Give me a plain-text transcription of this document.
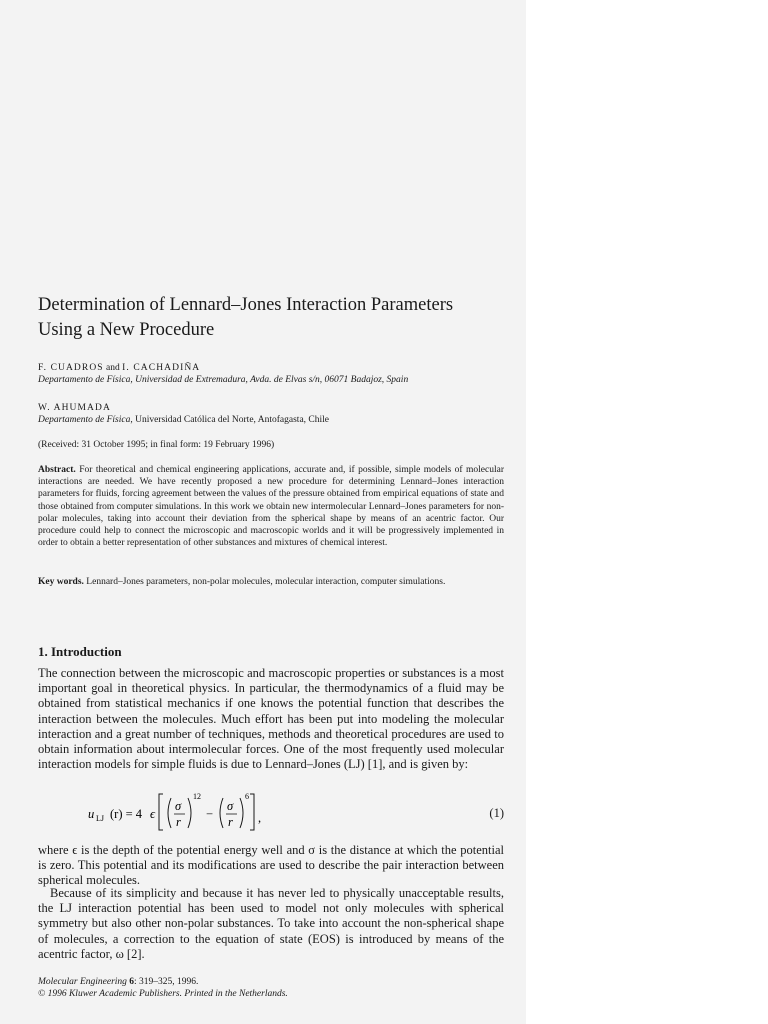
Determination of Lennard–Jones Interaction Parameters
Using a New Procedure
F. CUADROS and I. CACHADIÑA
Departamento de Física, Universidad de Extremadura, Avda. de Elvas s/n, 06071 Badajoz, Spain
W. AHUMADA
Departamento de Física, Universidad Católica del Norte, Antofagasta, Chile
(Received: 31 October 1995; in final form: 19 February 1996)

Abstract. For theoretical and chemical engineering applications, accurate and, if possible, simple models of molecular interactions are needed. We have recently proposed a new procedure for determining Lennard–Jones interaction parameters for fluids, forcing agreement between the values of the pressure obtained from empirical equations of state and those obtained from computer simulations. In this work we obtain new intermolecular Lennard–Jones parameters for non-polar molecules, taking into account their deviation from the spherical shape by means of an acentric factor. Our procedure could help to connect the microscopic and macroscopic worlds and it will be progressively implemented in order to obtain a better representation of other substances and mixtures of chemical interest.

Key words. Lennard–Jones parameters, non-polar molecules, molecular interaction, computer simulations.

1. Introduction

The connection between the microscopic and macroscopic properties or substances is a most important goal in theoretical physics. In particular, the thermodynamics of a fluid may be obtained from statistical mechanics if one knows the potential function that describes the interaction between the molecules. Much effort has been put into modeling the molecular interaction and a great number of techniques, methods and theoretical procedures are used to obtain information about intermolecular forces. One of the most frequently used molecular interaction models for simple fluids is due to Lennard–Jones (LJ) [1], and is given by:

u LJ (r) = 4 ϵ
σ
r
12
−
σ
r
6
,	(1)

where ϵ is the depth of the potential energy well and σ is the distance at which the potential is zero. This potential and its modifications are used to describe the pair interaction between spherical molecules.

Because of its simplicity and because it has never led to physically unacceptable results, the LJ interaction potential has been used to model not only molecules with spherical symmetry but also other non-polar substances. To take into account the non-spherical shape of molecules, a correction to the equation of state (EOS) is introduced by means of the acentric factor, ω [2].

Molecular Engineering 6: 319–325, 1996.
© 1996 Kluwer Academic Publishers. Printed in the Netherlands.
